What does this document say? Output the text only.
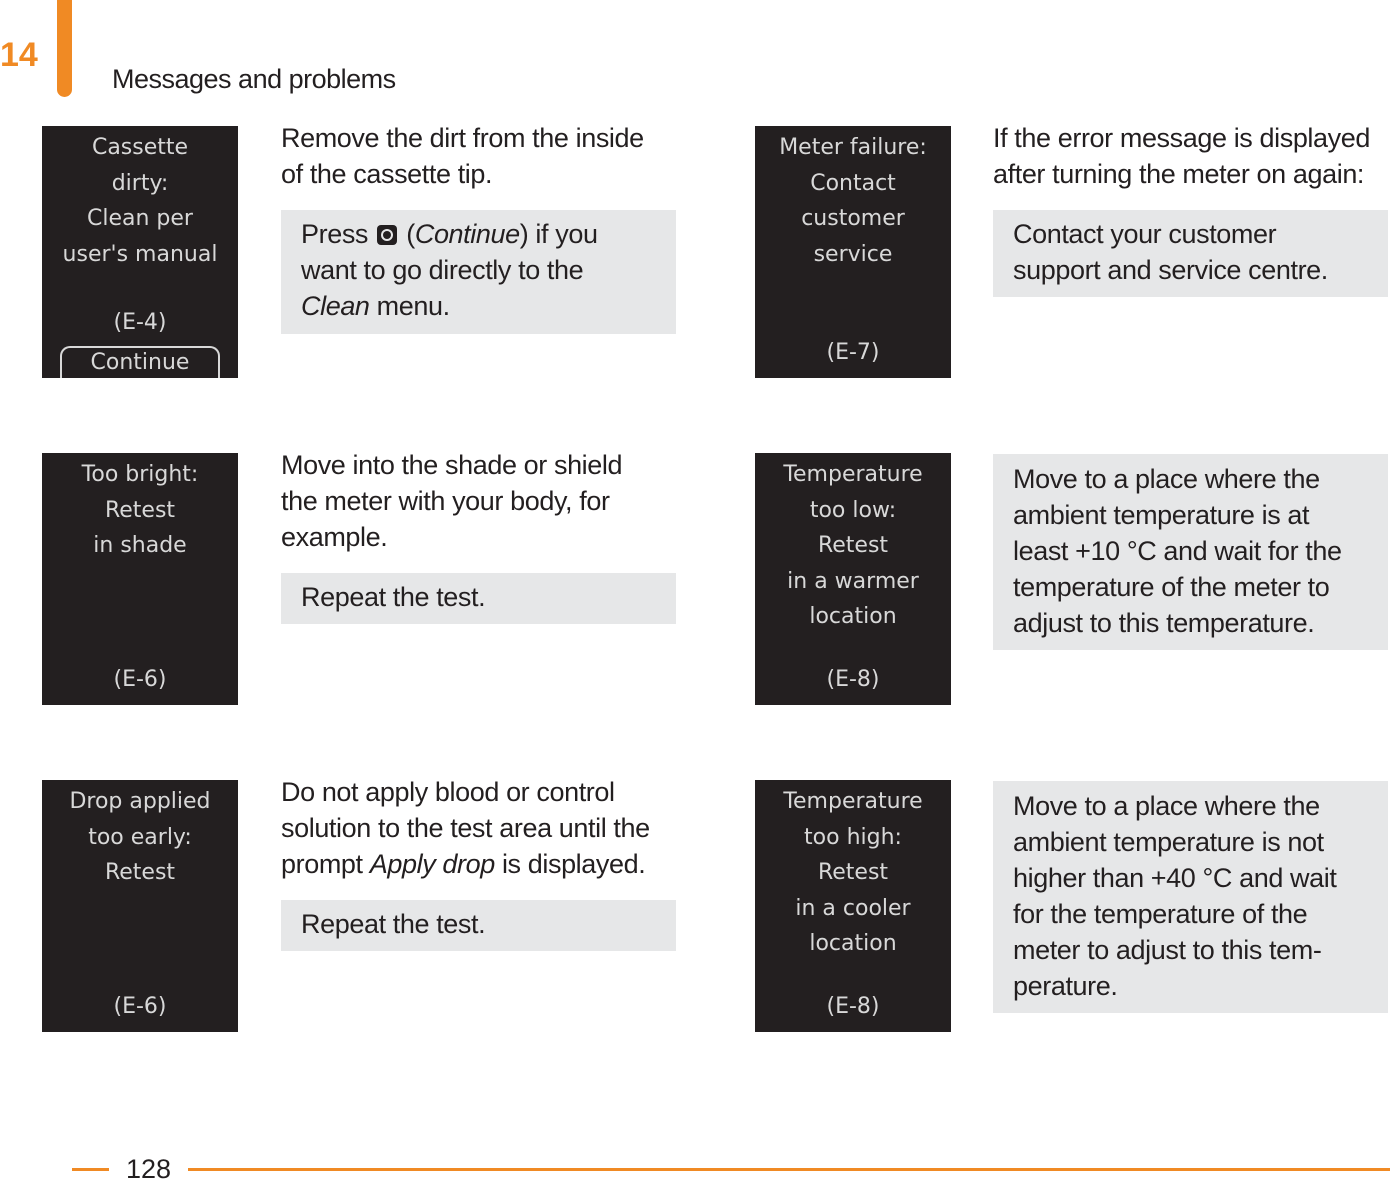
14
Messages and problems
Cassette
dirty:
Clean per
user's manual
(E-4)
Continue
Remove the dirt from the inside of the cassette tip.
Press  (Continue) if you want to go directly to the Clean menu.
Meter failure:
Contact
customer
service
(E-7)
If the error message is displayed after turning the meter on again:
Contact your customer support and service centre.
Too bright:
Retest
in shade
(E-6)
Move into the shade or shield the meter with your body, for example.
Repeat the test.
Temperature
too low:
Retest
in a warmer
location
(E-8)
Move to a place where the ambient temperature is at least +10 °C and wait for the temperature of the meter to adjust to this temperature.
Drop applied
too early:
Retest
(E-6)
Do not apply blood or control solution to the test area until the prompt Apply drop is displayed.
Repeat the test.
Temperature
too high:
Retest
in a cooler
location
(E-8)
Move to a place where the ambient temperature is not higher than +40 °C and wait for the temperature of the meter to adjust to this tem-
perature.
128
